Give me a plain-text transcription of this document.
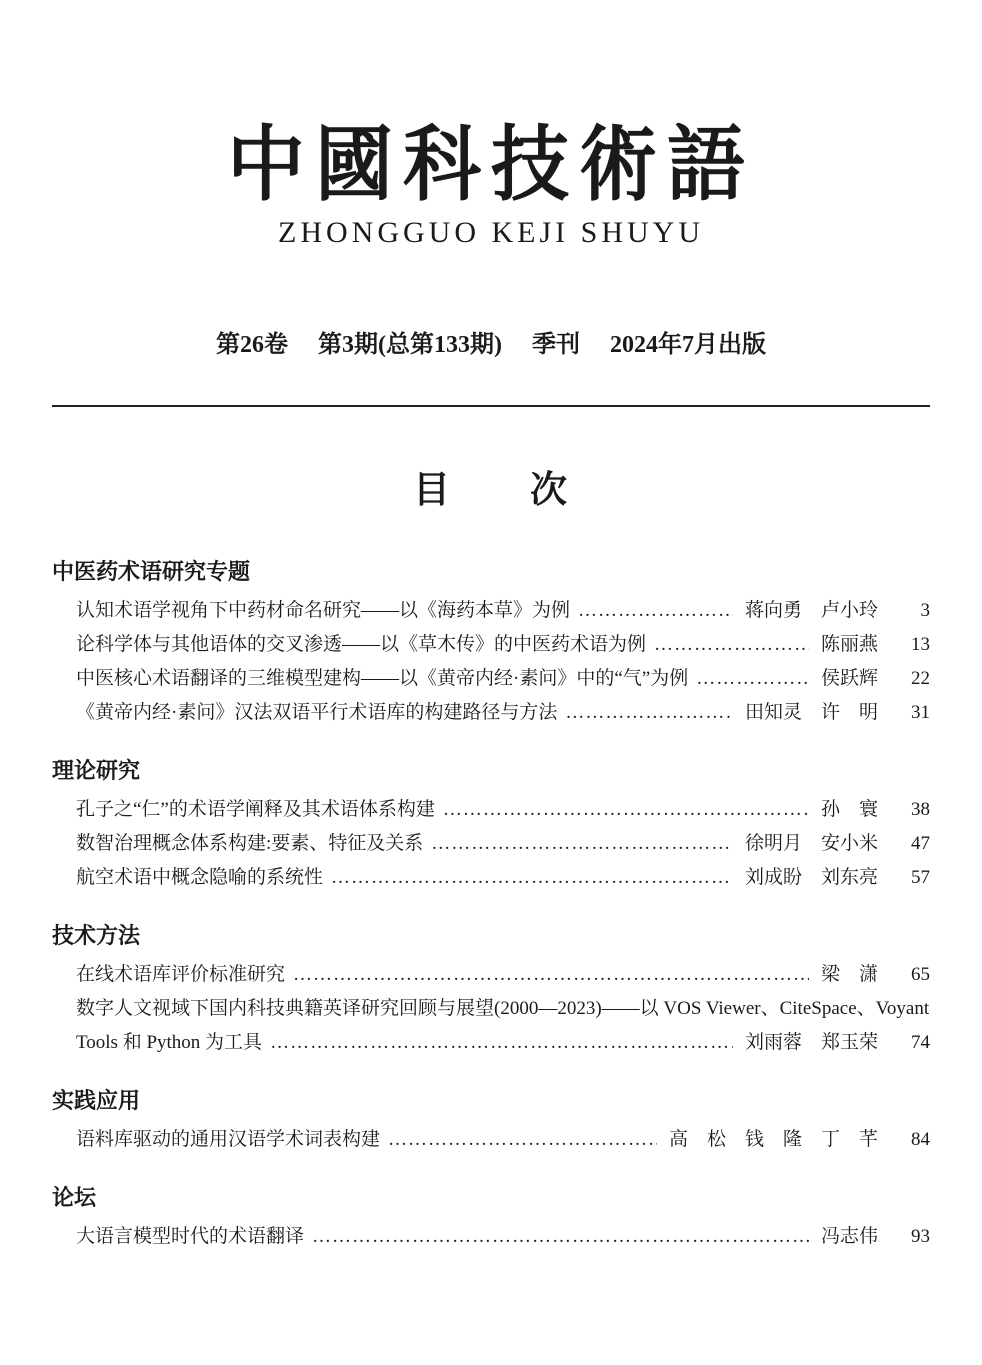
中國科技術語
ZHONGGUO KEJI SHUYU
第26卷 第3期(总第133期) 季刊 2024年7月出版
目　　次
中医药术语研究专题
认知术语学视角下中药材命名研究——以《海药本草》为例 ……………………………………………………………………………………………………………………………………	蒋向勇　卢小玲	3
论科学体与其他语体的交叉渗透——以《草木传》的中医药术语为例 ……………………………………………………………………………………………………………………………………	陈丽燕	13
中医核心术语翻译的三维模型建构——以《黄帝内经·素问》中的“气”为例 ……………………………………………………………………………………………………………………………………	侯跃辉	22
《黄帝内经·素问》汉法双语平行术语库的构建路径与方法 ……………………………………………………………………………………………………………………………………	田知灵　许　明	31
理论研究
孔子之“仁”的术语学阐释及其术语体系构建 ……………………………………………………………………………………………………………………………………	孙　寰	38
数智治理概念体系构建:要素、特征及关系 ……………………………………………………………………………………………………………………………………	徐明月　安小米	47
航空术语中概念隐喻的系统性 ……………………………………………………………………………………………………………………………………	刘成盼　刘东亮	57
技术方法
在线术语库评价标准研究 ……………………………………………………………………………………………………………………………………	梁　潇	65
数字人文视域下国内科技典籍英译研究回顾与展望(2000—2023)——以 VOS Viewer、CiteSpace、Voyant
Tools 和 Python 为工具 ……………………………………………………………………………………………………………………………………	刘雨蓉　郑玉荣	74
实践应用
语料库驱动的通用汉语学术词表构建 ……………………………………………………………………………………………………………………………………	高　松　钱　隆　丁　芊	84
论坛
大语言模型时代的术语翻译 ……………………………………………………………………………………………………………………………………	冯志伟	93
